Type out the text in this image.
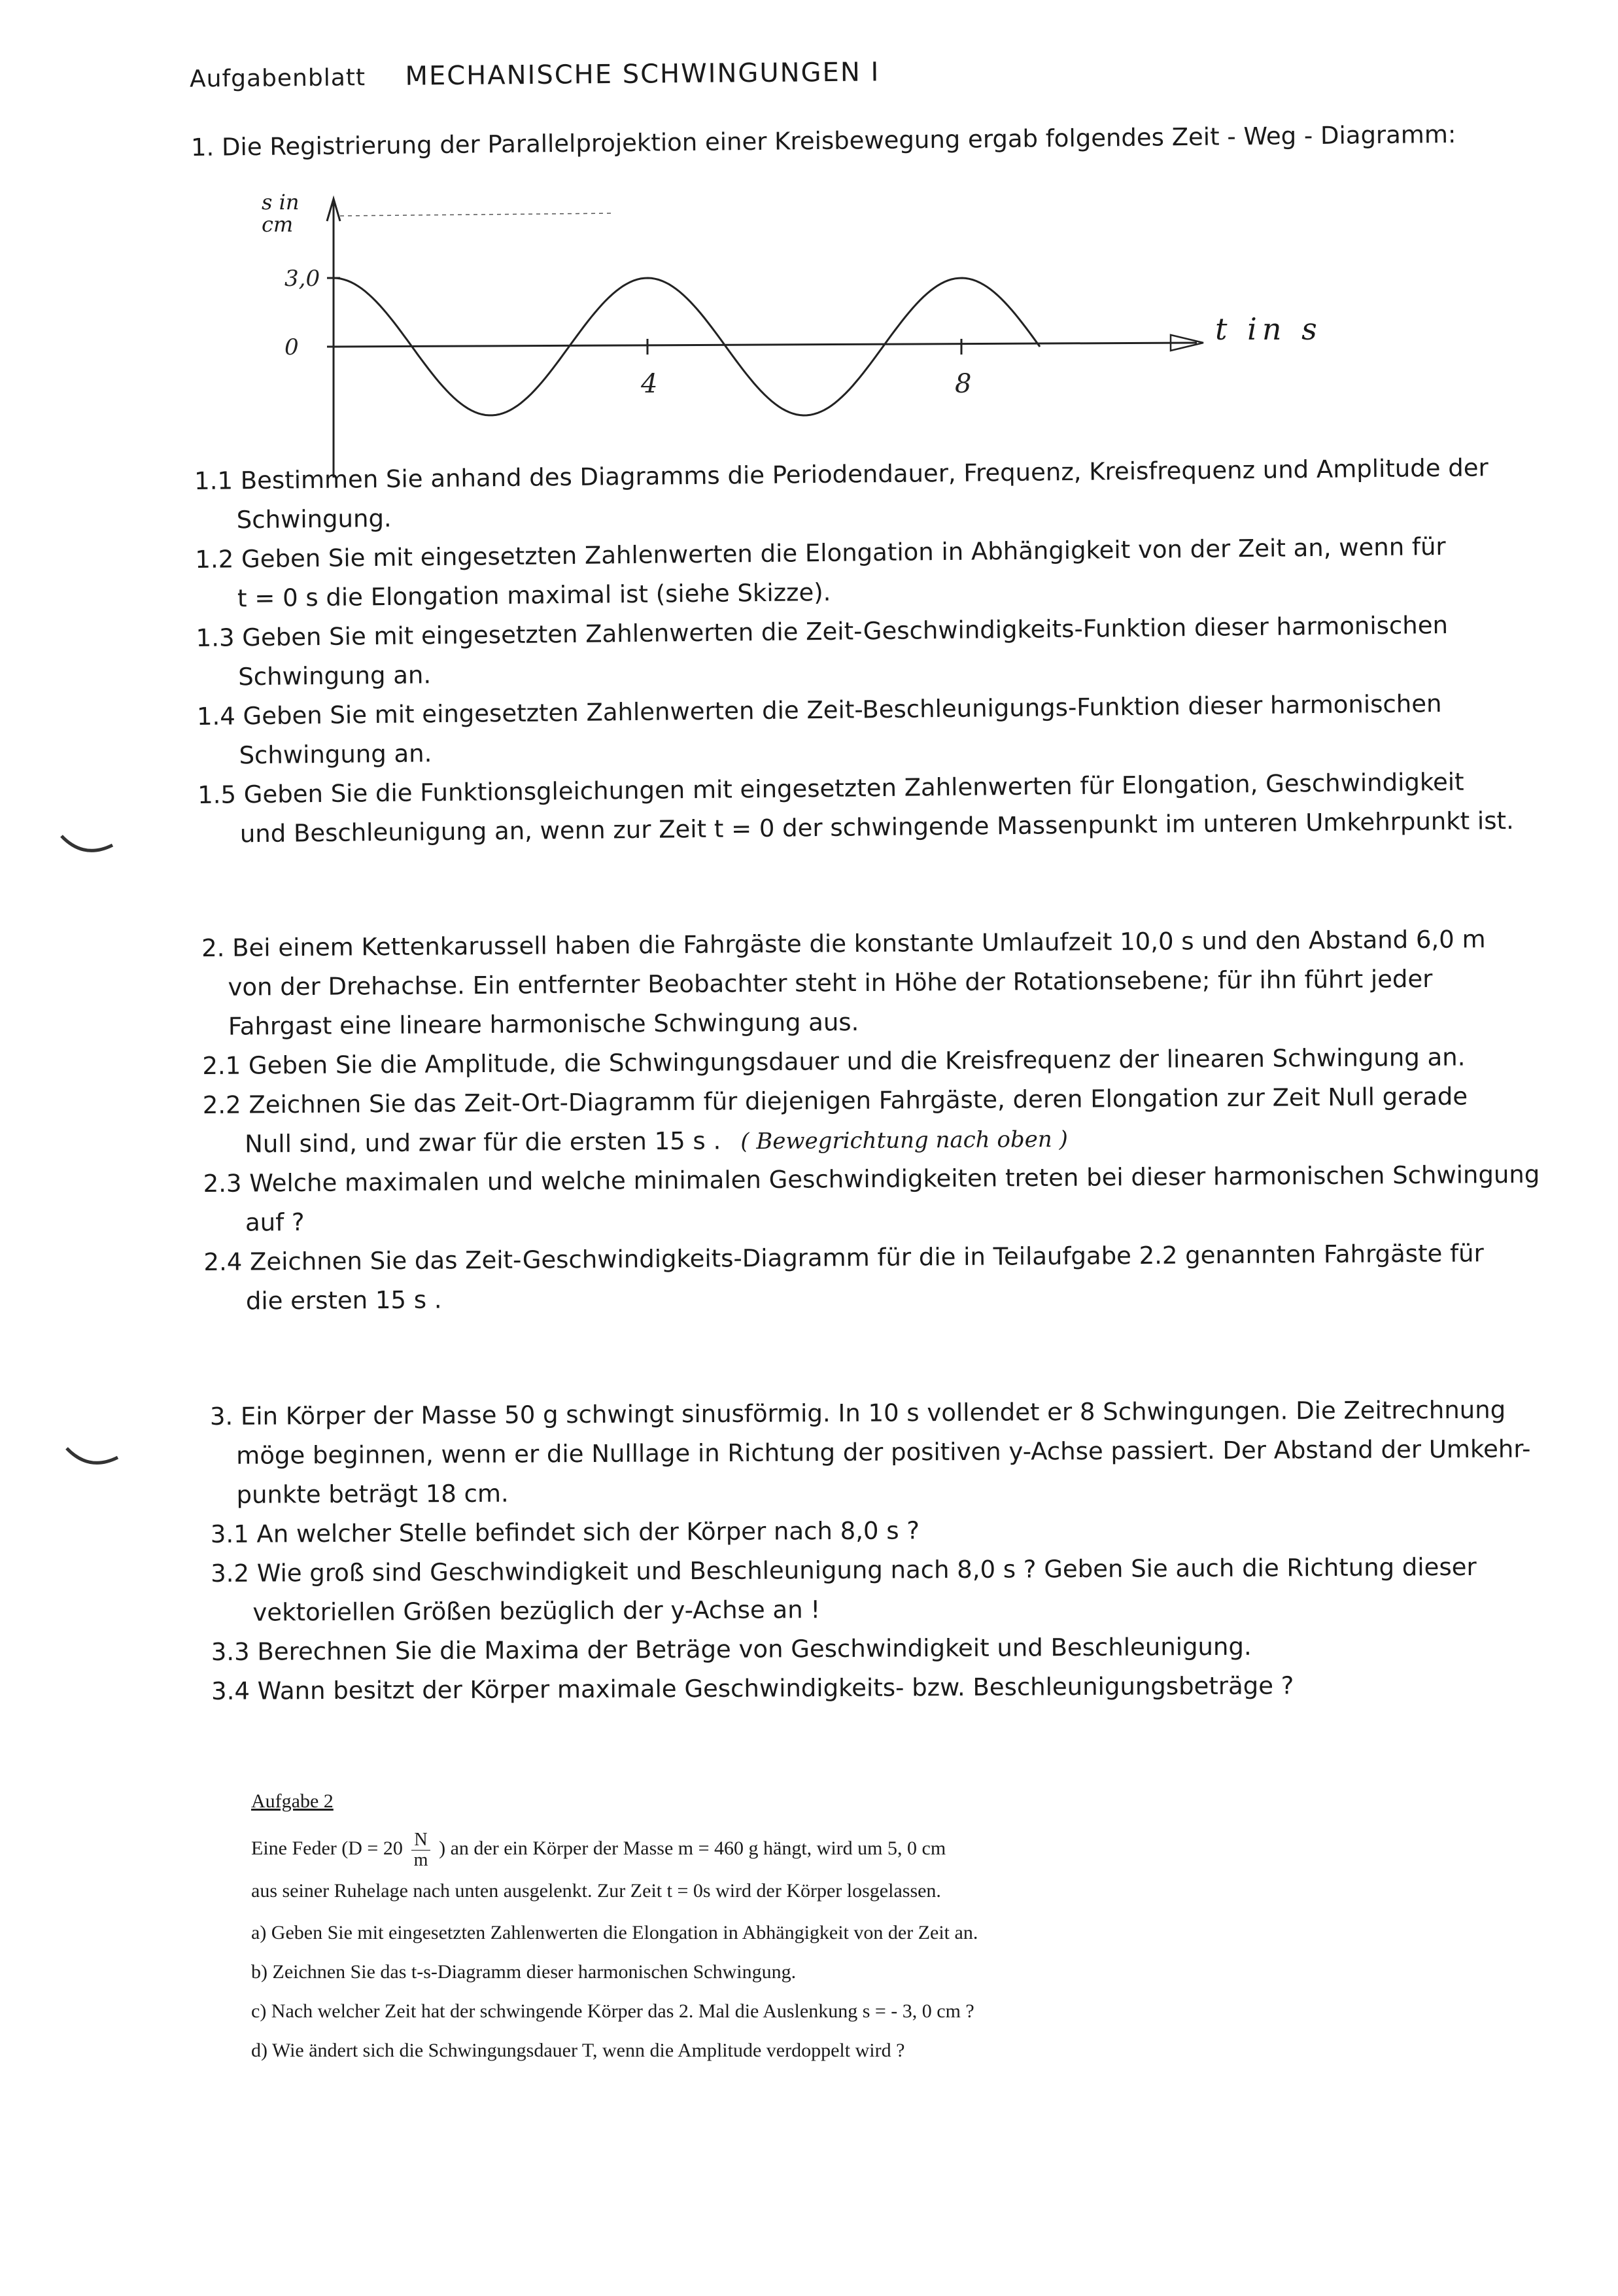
Aufgabenblatt MECHANISCHE SCHWINGUNGEN I
1. Die Registrierung der Parallelprojektion einer Kreisbewegung ergab folgendes Zeit - Weg - Diagramm:
4	8
3,0
0
s in cm
t in s
1.1 Bestimmen Sie anhand des Diagramms die Periodendauer, Frequenz, Kreisfrequenz und Amplitude der
Schwingung.
1.2 Geben Sie mit eingesetzten Zahlenwerten die Elongation in Abhängigkeit von der Zeit an, wenn für
t = 0 s die Elongation maximal ist (siehe Skizze).
1.3 Geben Sie mit eingesetzten Zahlenwerten die Zeit-Geschwindigkeits-Funktion dieser harmonischen
Schwingung an.
1.4 Geben Sie mit eingesetzten Zahlenwerten die Zeit-Beschleunigungs-Funktion dieser harmonischen
Schwingung an.
1.5 Geben Sie die Funktionsgleichungen mit eingesetzten Zahlenwerten für Elongation, Geschwindigkeit
und Beschleunigung an, wenn zur Zeit t = 0 der schwingende Massenpunkt im unteren Umkehrpunkt ist.
2. Bei einem Kettenkarussell haben die Fahrgäste die konstante Umlaufzeit 10,0 s und den Abstand 6,0 m
von der Drehachse. Ein entfernter Beobachter steht in Höhe der Rotationsebene; für ihn führt jeder
Fahrgast eine lineare harmonische Schwingung aus.
2.1 Geben Sie die Amplitude, die Schwingungsdauer und die Kreisfrequenz der linearen Schwingung an.
2.2 Zeichnen Sie das Zeit-Ort-Diagramm für diejenigen Fahrgäste, deren Elongation zur Zeit Null gerade
Null sind, und zwar für die ersten 15 s . ( Bewegrichtung nach oben )
2.3 Welche maximalen und welche minimalen Geschwindigkeiten treten bei dieser harmonischen Schwingung
auf ?
2.4 Zeichnen Sie das Zeit-Geschwindigkeits-Diagramm für die in Teilaufgabe 2.2 genannten Fahrgäste für
die ersten 15 s .
3. Ein Körper der Masse 50 g schwingt sinusförmig. In 10 s vollendet er 8 Schwingungen. Die Zeitrechnung
möge beginnen, wenn er die Nulllage in Richtung der positiven y-Achse passiert. Der Abstand der Umkehr-
punkte beträgt 18 cm.
3.1 An welcher Stelle befindet sich der Körper nach 8,0 s ?
3.2 Wie groß sind Geschwindigkeit und Beschleunigung nach 8,0 s ? Geben Sie auch die Richtung dieser
vektoriellen Größen bezüglich der y-Achse an !
3.3 Berechnen Sie die Maxima der Beträge von Geschwindigkeit und Beschleunigung.
3.4 Wann besitzt der Körper maximale Geschwindigkeits- bzw. Beschleunigungsbeträge ?
Aufgabe 2
Eine Feder ($D = 20 \frac{N}{m}$ ) an der ein Körper der Masse m = 460 g hängt, wird um 5, 0 cm
aus seiner Ruhelage nach unten ausgelenkt. Zur Zeit t = 0s wird der Körper losgelassen.
a) Geben Sie mit eingesetzten Zahlenwerten die Elongation in Abhängigkeit von der Zeit an.
b) Zeichnen Sie das t-s-Diagramm dieser harmonischen Schwingung.
c) Nach welcher Zeit hat der schwingende Körper das 2. Mal die Auslenkung s = - 3, 0 cm ?
d) Wie ändert sich die Schwingungsdauer T, wenn die Amplitude verdoppelt wird ?
